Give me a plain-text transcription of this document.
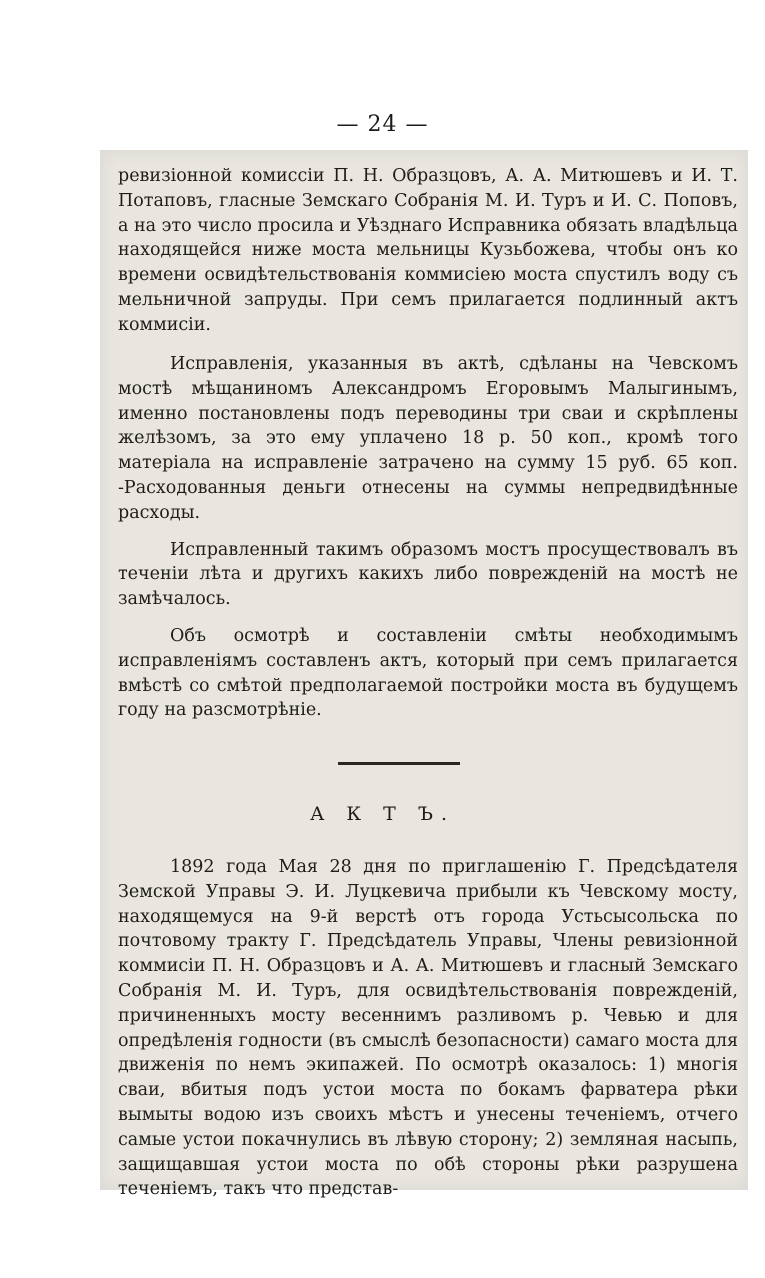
— 24 —

ревизіонной комиссіи П. Н. Образцовъ, А. А. Митюшевъ и И. Т. Потаповъ, гласные Земскаго Собранія М. И. Туръ и И. С. Поповъ, а на это число просила и Уѣзднаго Исправника обязать владѣльца находящейся ниже моста мельницы Кузьбожева, чтобы онъ ко времени освидѣтельствованія коммисіею моста спустилъ воду съ мельничной запруды. При семъ прилагается подлинный актъ коммисіи.

Исправленія, указанныя въ актѣ, сдѣланы на Чевскомъ мостѣ мѣщаниномъ Александромъ Егоровымъ Малыгинымъ, именно постановлены подъ переводины три сваи и скрѣплены желѣзомъ, за это ему уплачено 18 р. 50 коп., кромѣ того матеріала на исправленіе затрачено на сумму 15 руб. 65 коп. -Расходованныя деньги отнесены на суммы непредвидѣнные расходы.

Исправленный такимъ образомъ мостъ просуществовалъ въ теченіи лѣта и другихъ какихъ либо поврежденій на мостѣ не замѣчалось.

Объ осмотрѣ и составленіи смѣты необходимымъ исправленіямъ составленъ актъ, который при семъ прилагается вмѣстѣ со смѣтой предполагаемой постройки моста въ будущемъ году на разсмотрѣніе.

А К Т Ъ.

1892 года Мая 28 дня по приглашенію Г. Предсѣдателя Земской Управы Э. И. Луцкевича прибыли къ Чевскому мосту, находящемуся на 9-й верстѣ отъ города Устьсысольска по почтовому тракту Г. Предсѣдатель Управы, Члены ревизіонной коммисіи П. Н. Образцовъ и А. А. Митюшевъ и гласный Земскаго Собранія М. И. Туръ, для освидѣтельствованія поврежденій, причиненныхъ мосту весеннимъ разливомъ р. Чевью и для опредѣленія годности (въ смыслѣ безопасности) самаго моста для движенія по немъ экипажей. По осмотрѣ оказалось: 1) многія сваи, вбитыя подъ устои моста по бокамъ фарватера рѣки вымыты водою изъ своихъ мѣстъ и унесены теченіемъ, отчего самые устои покачнулись въ лѣвую сторону; 2) земляная насыпь, защищавшая устои моста по обѣ стороны рѣки разрушена теченіемъ, такъ что представ-
